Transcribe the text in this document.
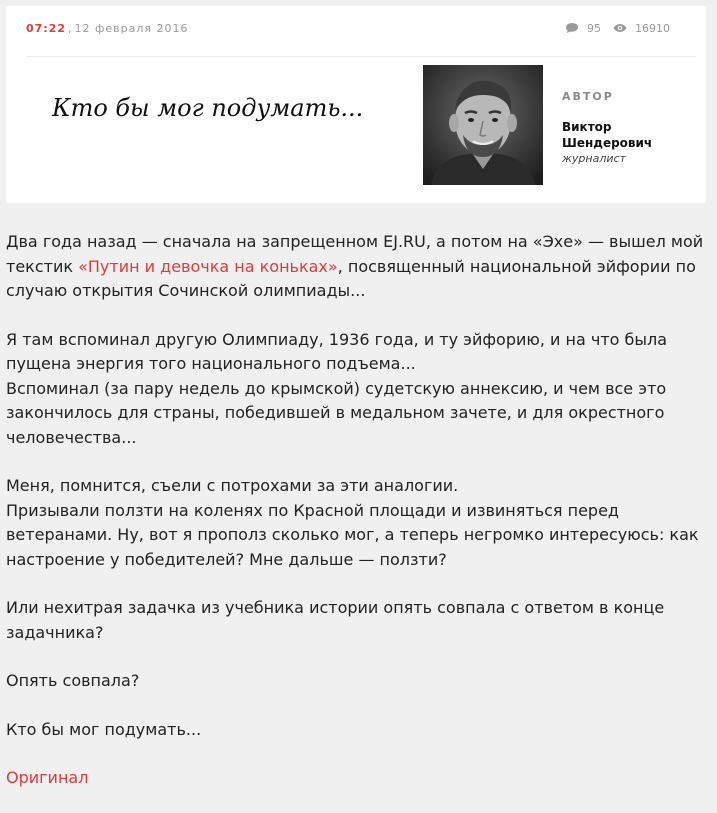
07:22 , 12 февраля 2016	95	16910
Кто бы мог подумать...	АВТОР
Виктор
Шендерович
журналист

Два года назад — сначала на запрещенном EJ.RU, а потом на «Эхе» — вышел мой текстик «Путин и девочка на коньках», посвященный национальной эйфории по случаю открытия Сочинской олимпиады...

Я там вспоминал другую Олимпиаду, 1936 года, и ту эйфорию, и на что была пущена энергия того национального подъема...
Вспоминал (за пару недель до крымской) судетскую аннексию, и чем все это закончилось для страны, победившей в медальном зачете, и для окрестного человечества...

Меня, помнится, съели с потрохами за эти аналогии.
Призывали ползти на коленях по Красной площади и извиняться перед ветеранами. Ну, вот я прополз сколько мог, а теперь негромко интересуюсь: как настроение у победителей? Мне дальше — ползти?

Или нехитрая задачка из учебника истории опять совпала с ответом в конце задачника?

Опять совпала?

Кто бы мог подумать...

Оригинал
